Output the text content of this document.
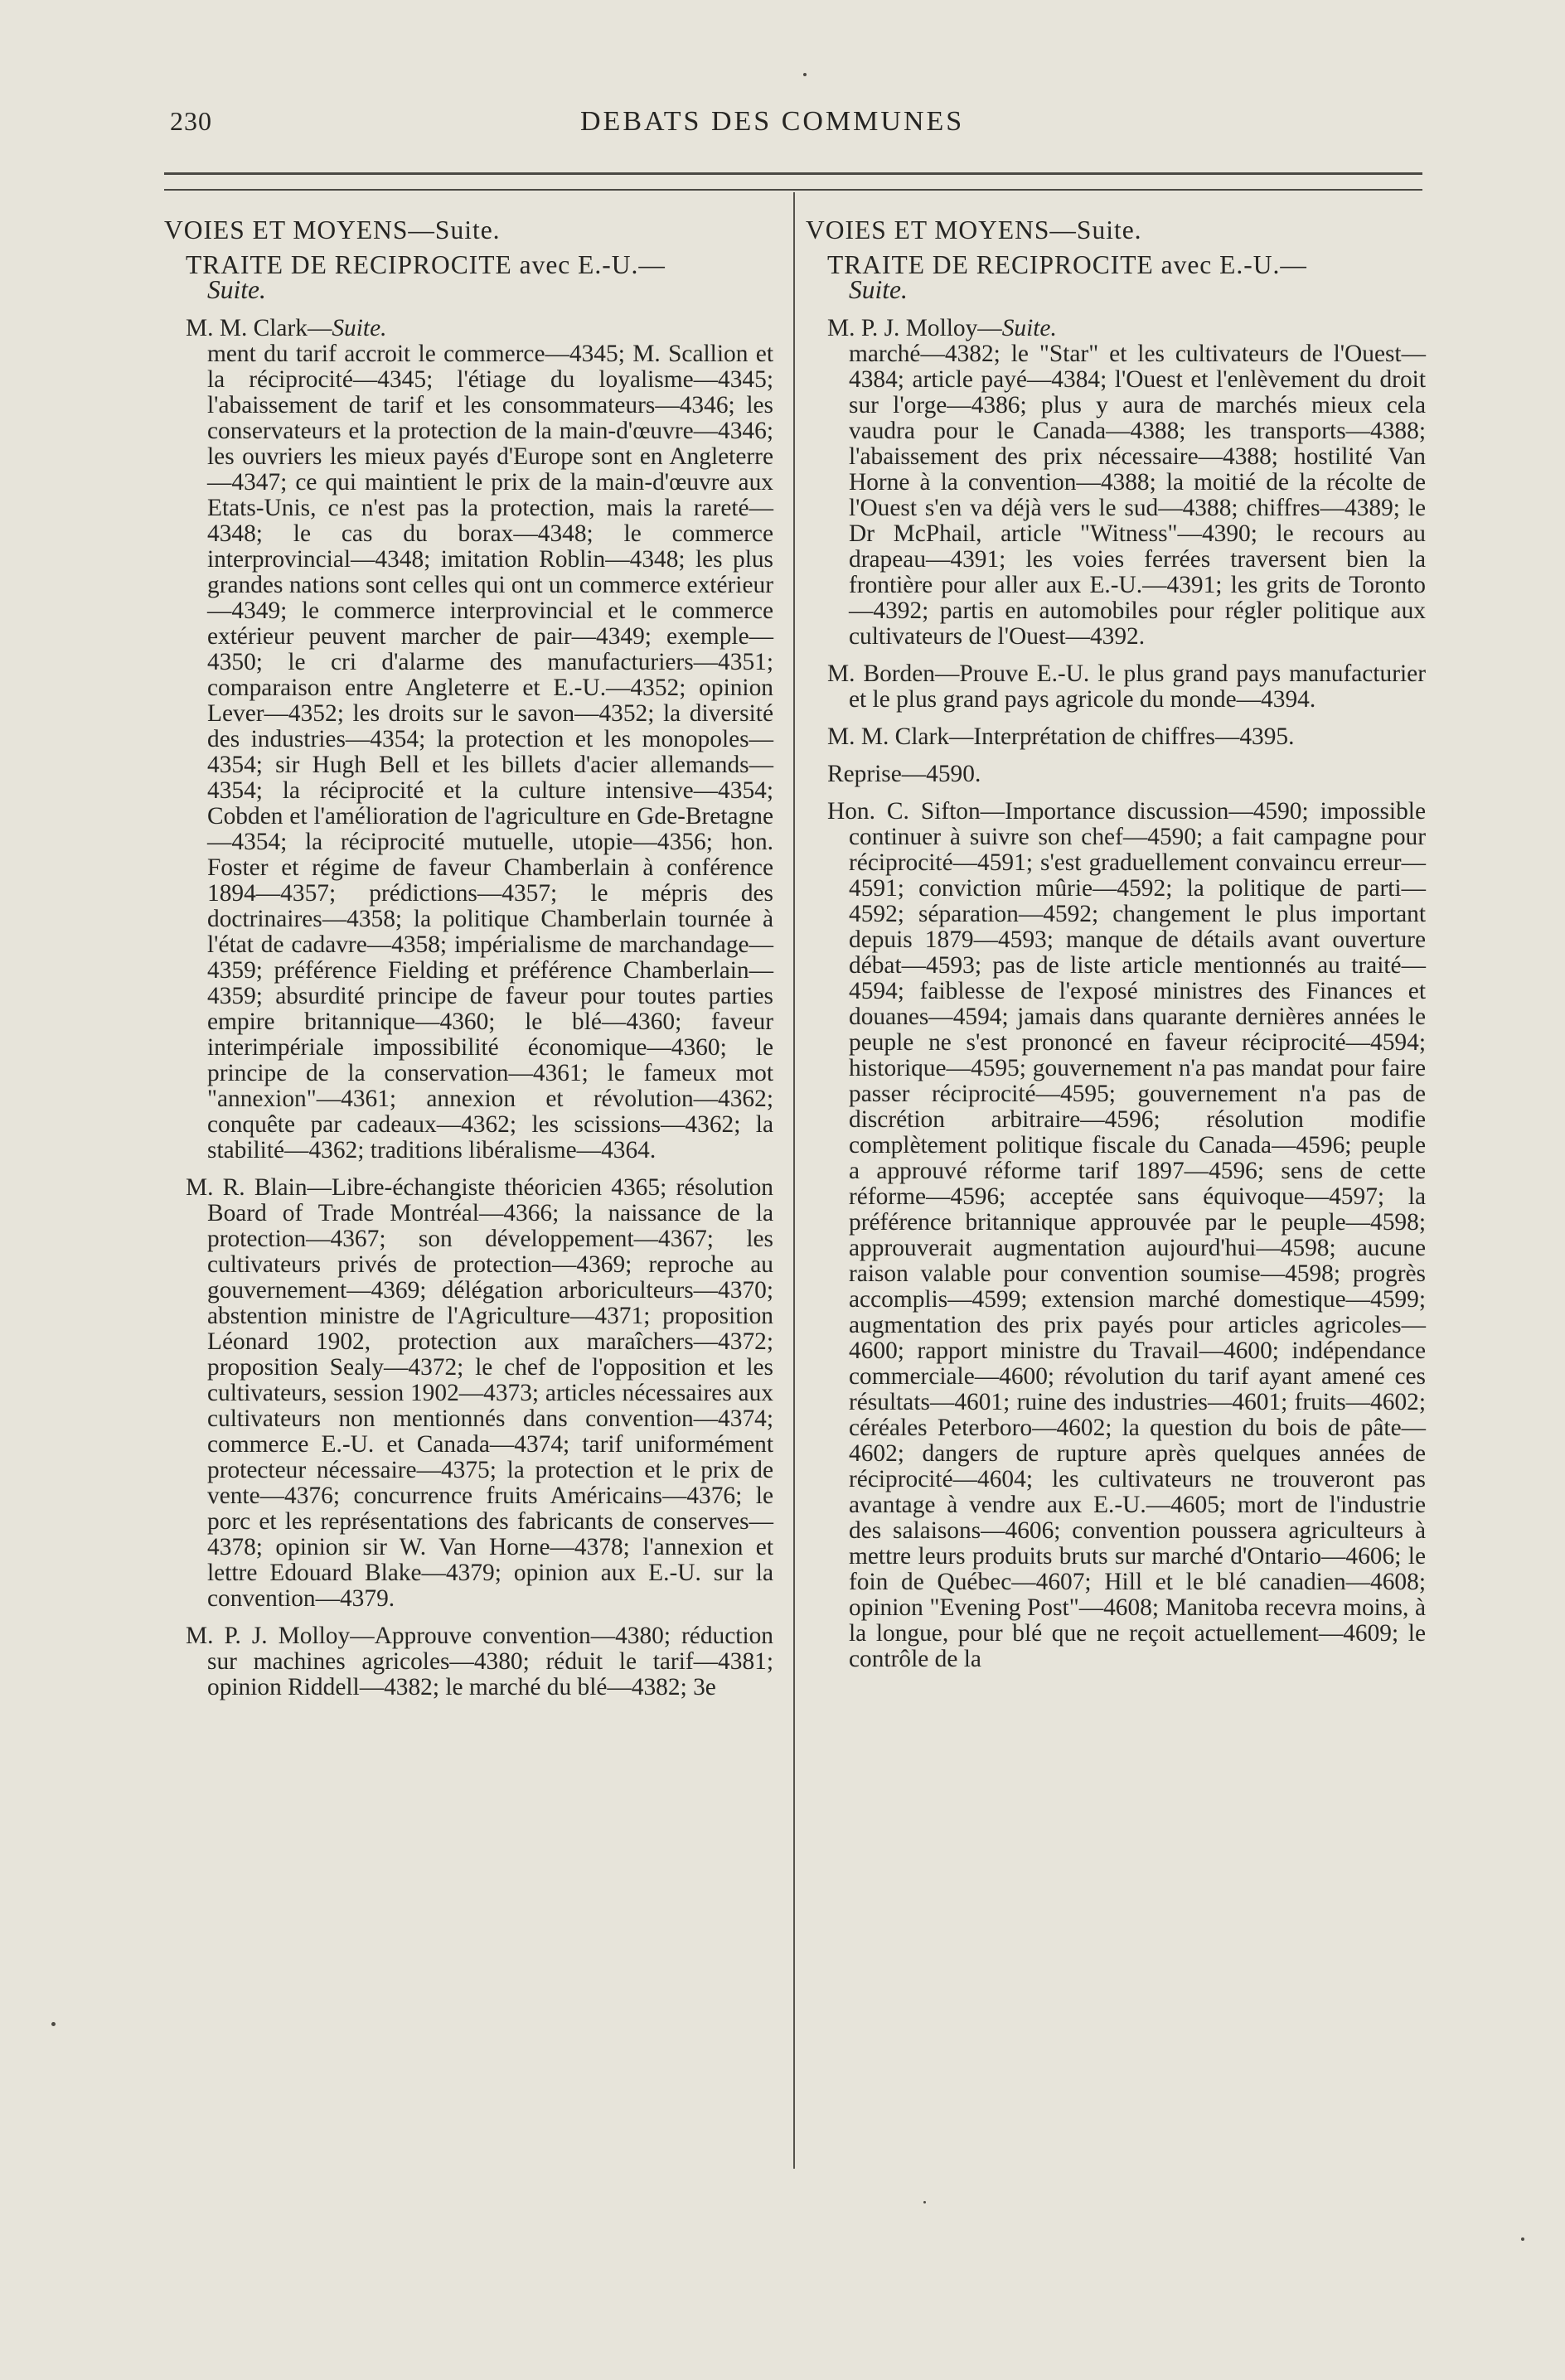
230	DEBATS DES COMMUNES
VOIES ET MOYENS—Suite.
TRAITE DE RECIPROCITE avec E.-U.—
Suite.
M. M. Clark—Suite.
ment du tarif accroit le commerce—4345; M. Scallion et la réciprocité—4345; l'étiage du loyalisme—4345; l'abaissement de tarif et les consommateurs—4346; les conservateurs et la protection de la main-d'œuvre—4346; les ouvriers les mieux payés d'Europe sont en Angleterre—4347; ce qui maintient le prix de la main-d'œuvre aux Etats-Unis, ce n'est pas la protection, mais la rareté—4348; le cas du borax—4348; le commerce interprovincial—4348; imitation Roblin—4348; les plus grandes nations sont celles qui ont un commerce extérieur—4349; le commerce interprovincial et le commerce extérieur peuvent marcher de pair—4349; exemple—4350; le cri d'alarme des manufacturiers—4351; comparaison entre Angleterre et E.-U.—4352; opinion Lever—4352; les droits sur le savon—4352; la diversité des industries—4354; la protection et les monopoles—4354; sir Hugh Bell et les billets d'acier allemands—4354; la réciprocité et la culture intensive—4354; Cobden et l'amélioration de l'agriculture en Gde-Bretagne—4354; la réciprocité mutuelle, utopie—4356; hon. Foster et régime de faveur Chamberlain à conférence 1894—4357; prédictions—4357; le mépris des doctrinaires—4358; la politique Chamberlain tournée à l'état de cadavre—4358; impérialisme de marchandage—4359; préférence Fielding et préférence Chamberlain—4359; absurdité principe de faveur pour toutes parties empire britannique—4360; le blé—4360; faveur interimpériale impossibilité économique—4360; le principe de la conservation—4361; le fameux mot "annexion"—4361; annexion et révolution—4362; conquête par cadeaux—4362; les scissions—4362; la stabilité—4362; traditions libéralisme—4364.
M. R. Blain—Libre-échangiste théoricien 4365; résolution Board of Trade Montréal—4366; la naissance de la protection—4367; son développement—4367; les cultivateurs privés de protection—4369; reproche au gouvernement—4369; délégation arboriculteurs—4370; abstention ministre de l'Agriculture—4371; proposition Léonard 1902, protection aux maraîchers—4372; proposition Sealy—4372; le chef de l'opposition et les cultivateurs, session 1902—4373; articles nécessaires aux cultivateurs non mentionnés dans convention—4374; commerce E.-U. et Canada—4374; tarif uniformément protecteur nécessaire—4375; la protection et le prix de vente—4376; concurrence fruits Américains—4376; le porc et les représentations des fabricants de conserves—4378; opinion sir W. Van Horne—4378; l'annexion et lettre Edouard Blake—4379; opinion aux E.-U. sur la convention—4379.
M. P. J. Molloy—Approuve convention—4380; réduction sur machines agricoles—4380; réduit le tarif—4381; opinion Riddell—4382; le marché du blé—4382; 3e
VOIES ET MOYENS—Suite.
TRAITE DE RECIPROCITE avec E.-U.—
Suite.
M. P. J. Molloy—Suite.
marché—4382; le "Star" et les cultivateurs de l'Ouest—4384; article payé—4384; l'Ouest et l'enlèvement du droit sur l'orge—4386; plus y aura de marchés mieux cela vaudra pour le Canada—4388; les transports—4388; l'abaissement des prix nécessaire—4388; hostilité Van Horne à la convention—4388; la moitié de la récolte de l'Ouest s'en va déjà vers le sud—4388; chiffres—4389; le Dr McPhail, article "Witness"—4390; le recours au drapeau—4391; les voies ferrées traversent bien la frontière pour aller aux E.-U.—4391; les grits de Toronto—4392; partis en automobiles pour régler politique aux cultivateurs de l'Ouest—4392.
M. Borden—Prouve E.-U. le plus grand pays manufacturier et le plus grand pays agricole du monde—4394.
M. M. Clark—Interprétation de chiffres—4395.
Reprise—4590.
Hon. C. Sifton—Importance discussion—4590; impossible continuer à suivre son chef—4590; a fait campagne pour réciprocité—4591; s'est graduellement convaincu erreur—4591; conviction mûrie—4592; la politique de parti—4592; séparation—4592; changement le plus important depuis 1879—4593; manque de détails avant ouverture débat—4593; pas de liste article mentionnés au traité—4594; faiblesse de l'exposé ministres des Finances et douanes—4594; jamais dans quarante dernières années le peuple ne s'est prononcé en faveur réciprocité—4594; historique—4595; gouvernement n'a pas mandat pour faire passer réciprocité—4595; gouvernement n'a pas de discrétion arbitraire—4596; résolution modifie complètement politique fiscale du Canada—4596; peuple a approuvé réforme tarif 1897—4596; sens de cette réforme—4596; acceptée sans équivoque—4597; la préférence britannique approuvée par le peuple—4598; approuverait augmentation aujourd'hui—4598; aucune raison valable pour convention soumise—4598; progrès accomplis—4599; extension marché domestique—4599; augmentation des prix payés pour articles agricoles—4600; rapport ministre du Travail—4600; indépendance commerciale—4600; révolution du tarif ayant amené ces résultats—4601; ruine des industries—4601; fruits—4602; céréales Peterboro—4602; la question du bois de pâte—4602; dangers de rupture après quelques années de réciprocité—4604; les cultivateurs ne trouveront pas avantage à vendre aux E.-U.—4605; mort de l'industrie des salaisons—4606; convention poussera agriculteurs à mettre leurs produits bruts sur marché d'Ontario—4606; le foin de Québec—4607; Hill et le blé canadien—4608; opinion "Evening Post"—4608; Manitoba recevra moins, à la longue, pour blé que ne reçoit actuellement—4609; le contrôle de la
